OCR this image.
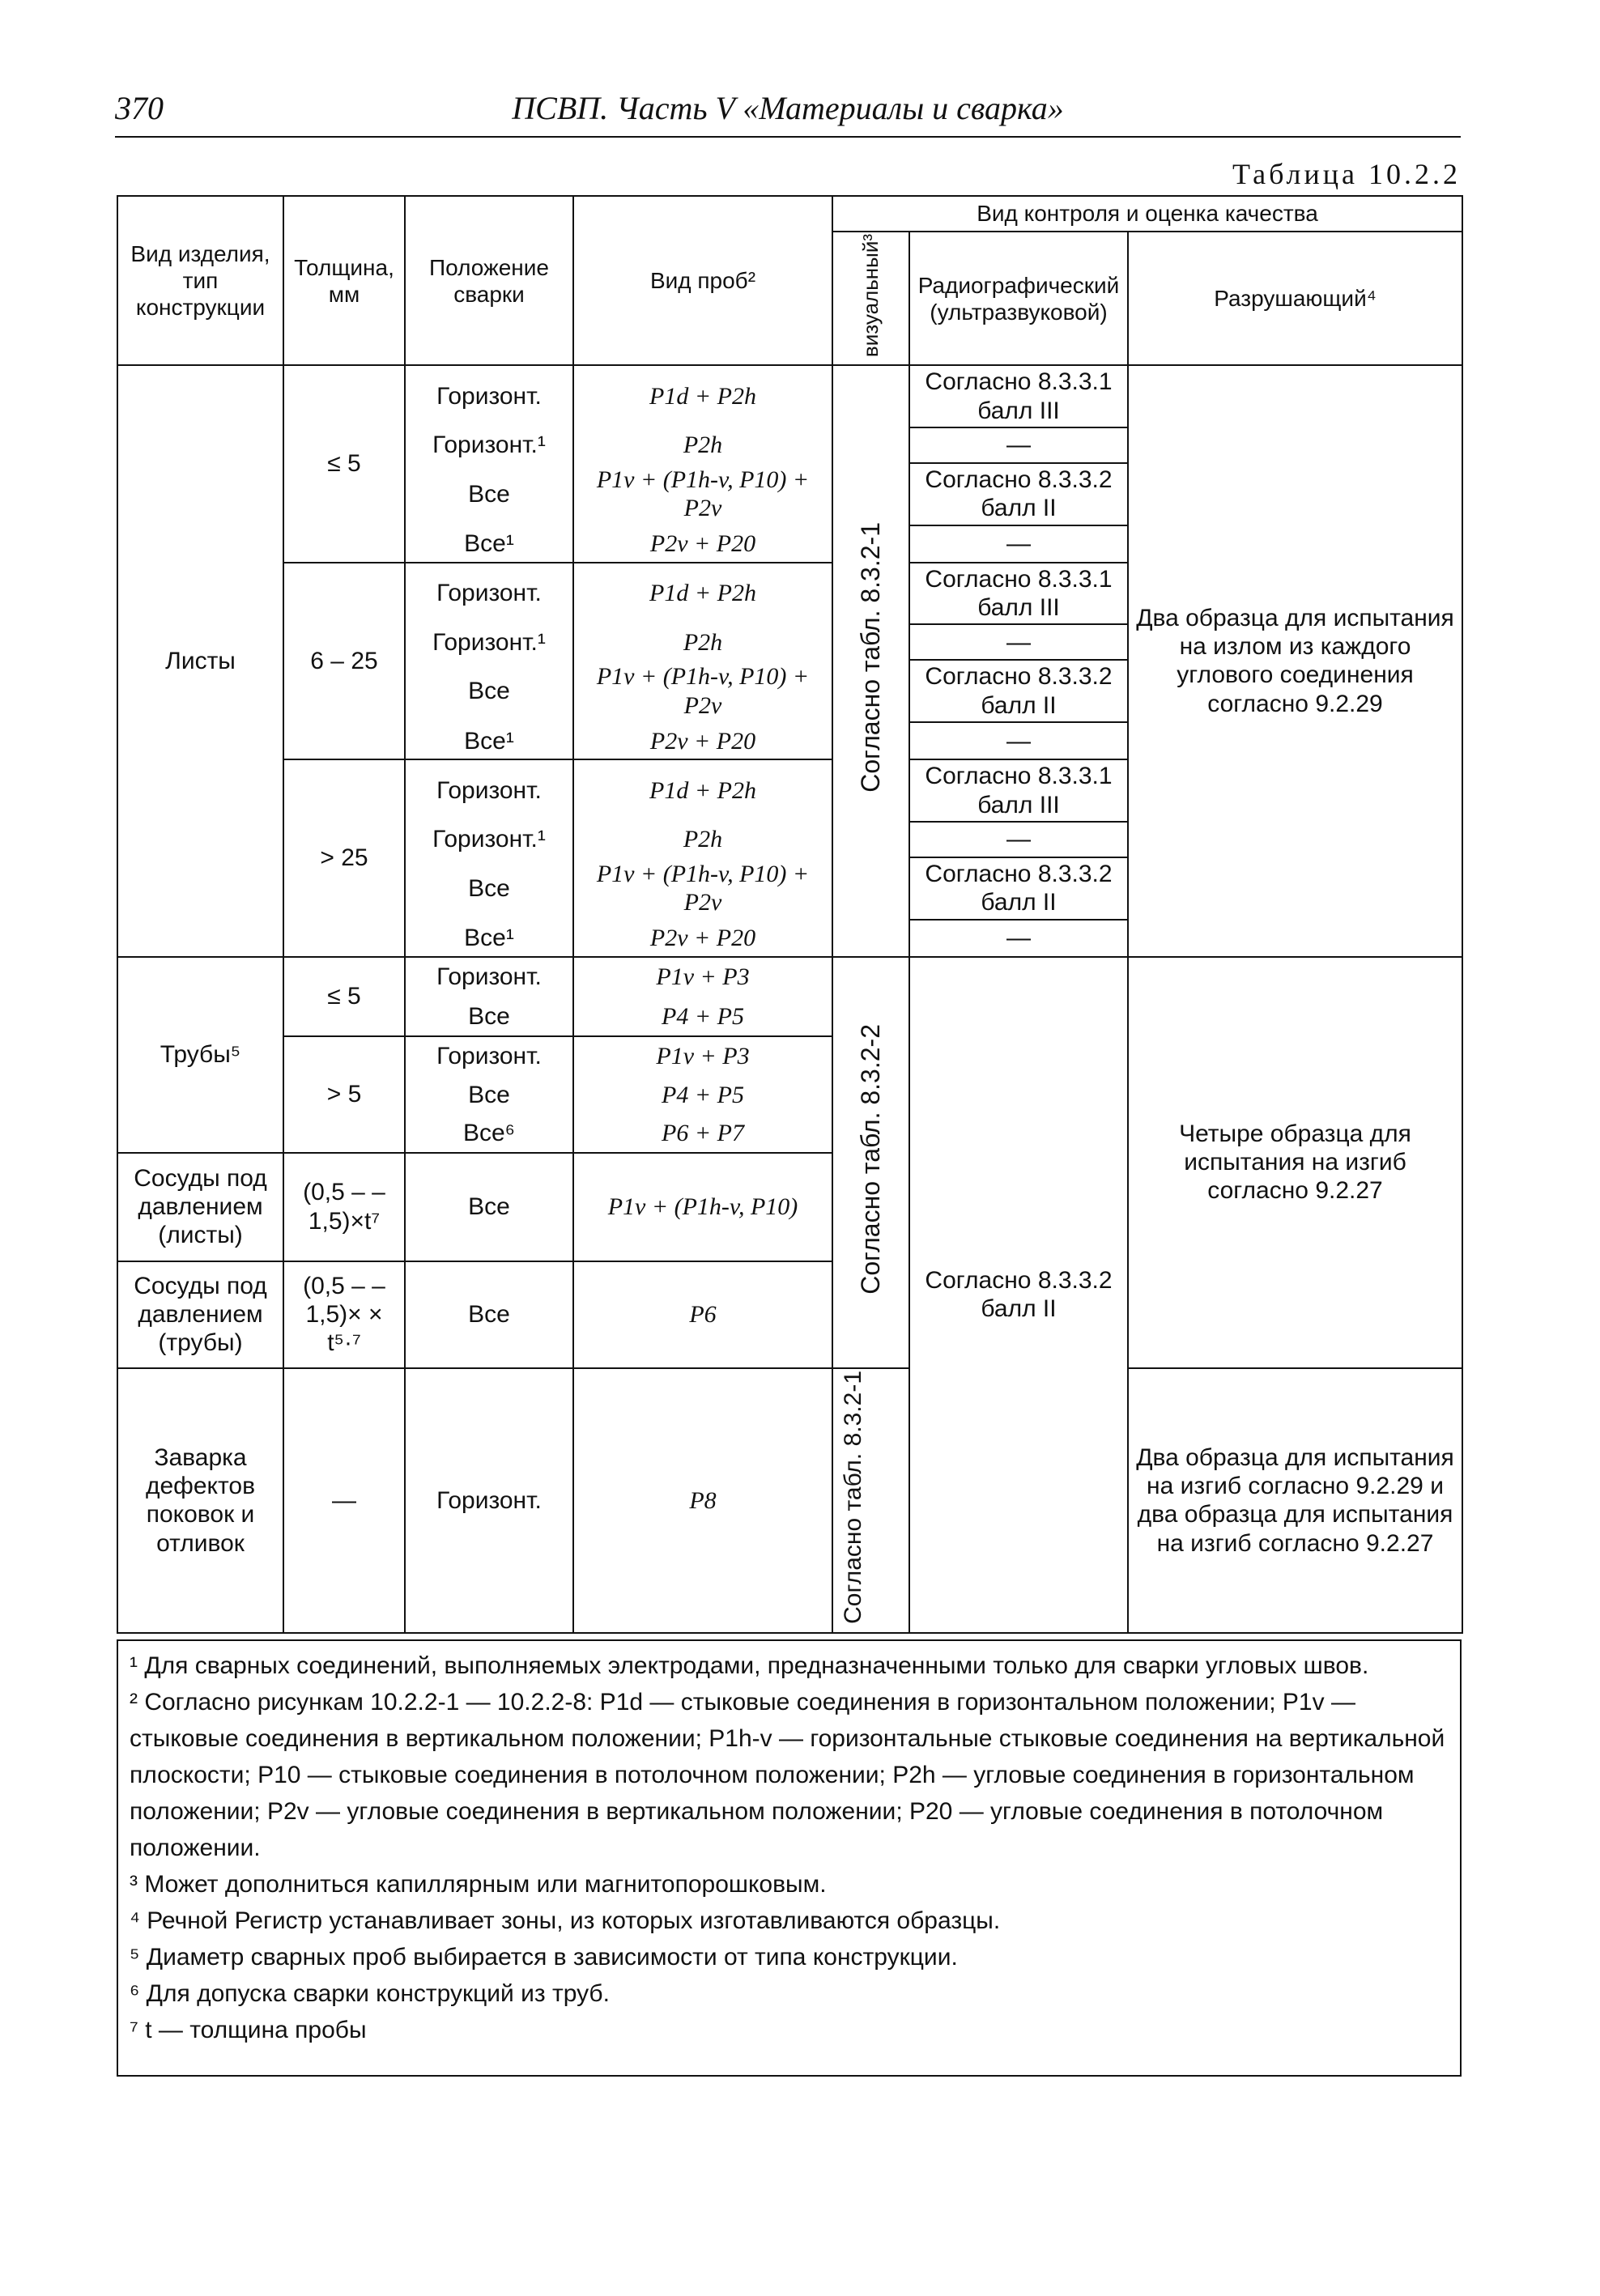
370	ПСВП. Часть V «Материалы и сварка»
Таблица 10.2.2
Вид изделия, тип конструкции	Толщина, мм	Положение сварки	Вид проб²	Вид контроля и оценка качества		
				визуальный³	Радиографический (ультразвуковой)	Разрушающий⁴
Листы	≤ 5	Горизонт.	P1d + P2h	Согласно табл. 8.3.2-1	Согласно 8.3.3.1 балл III	Два образца для испытания на излом из каждого углового соединения согласно 9.2.29
		Горизонт.¹	P2h		—	
		Все	P1v + (P1h-v, P10) + P2v		Согласно 8.3.3.2 балл II	
		Все¹	P2v + P20		—	
	6 – 25	Горизонт.	P1d + P2h		Согласно 8.3.3.1 балл III	
		Горизонт.¹	P2h		—	
		Все	P1v + (P1h-v, P10) + P2v		Согласно 8.3.3.2 балл II	
		Все¹	P2v + P20		—	
	> 25	Горизонт.	P1d + P2h		Согласно 8.3.3.1 балл III	
		Горизонт.¹	P2h		—	
		Все	P1v + (P1h-v, P10) + P2v		Согласно 8.3.3.2 балл II	
		Все¹	P2v + P20		—	
Трубы⁵	≤ 5	Горизонт.	P1v + P3	Согласно табл. 8.3.2-2	Согласно 8.3.3.2 балл II	Четыре образца для испытания на изгиб согласно 9.2.27
		Все	P4 + P5			
	> 5	Горизонт.	P1v + P3			
		Все	P4 + P5			
		Все⁶	P6 + P7			
Сосуды под давлением (листы)	(0,5 – – 1,5)×t⁷	Все	P1v + (P1h-v, P10)			
Сосуды под давлением (трубы)	(0,5 – – 1,5)× × t⁵·⁷	Все	P6			
Заварка дефектов поковок и отливок	—	Горизонт.	P8	Согласно табл. 8.3.2-1		Два образца для испытания на изгиб согласно 9.2.29 и два образца для испытания на изгиб согласно 9.2.27

¹ Для сварных соединений, выполняемых электродами, предназначенными только для сварки угловых швов.

² Согласно рисункам 10.2.2-1 — 10.2.2-8: P1d — стыковые соединения в горизонтальном положении; P1v — стыковые соединения в вертикальном положении; P1h-v — горизонтальные стыковые соединения на вертикальной плоскости; P10 — стыковые соединения в потолочном положении; P2h — угловые соединения в горизонтальном положении; P2v — угловые соединения в вертикальном положении; P20 — угловые соединения в потолочном положении.

³ Может дополниться капиллярным или магнитопорошковым.

⁴ Речной Регистр устанавливает зоны, из которых изготавливаются образцы.

⁵ Диаметр сварных проб выбирается в зависимости от типа конструкции.

⁶ Для допуска сварки конструкций из труб.

⁷ t — толщина пробы
